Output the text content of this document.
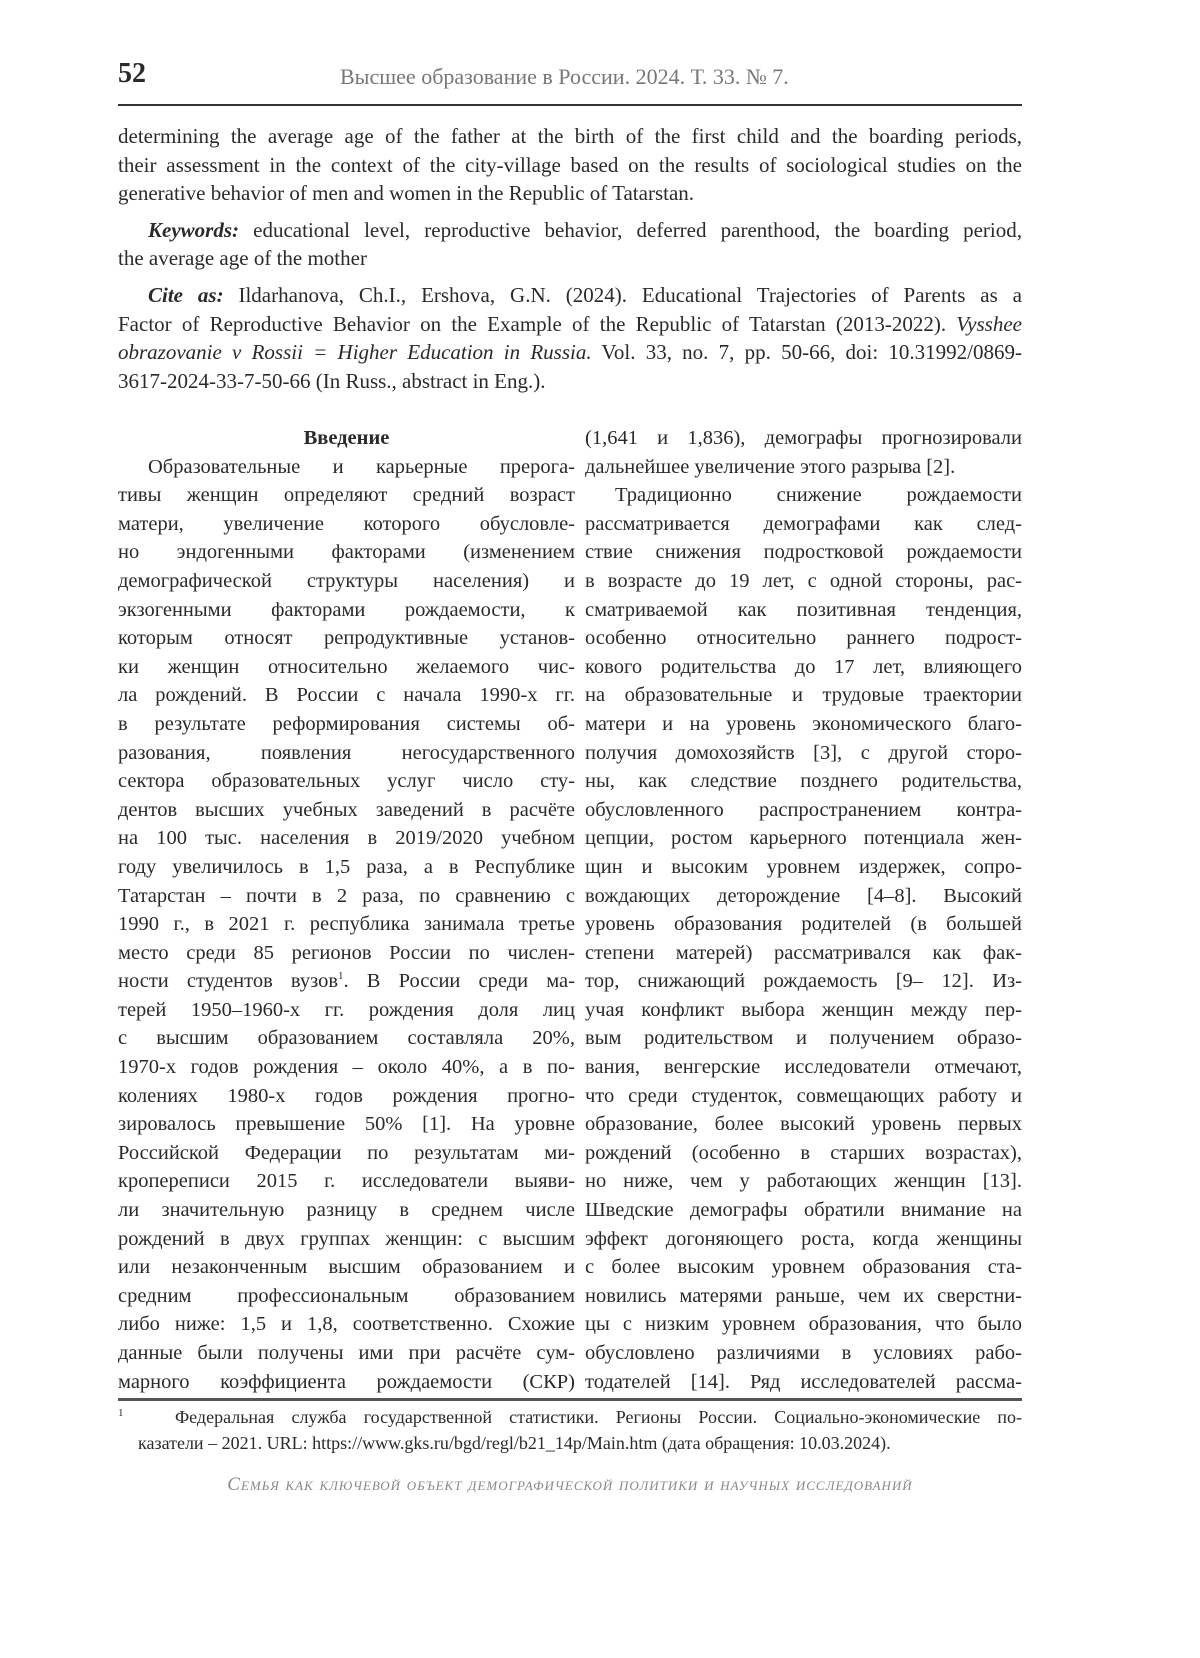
52	Высшее образование в России. 2024. Т. 33. № 7.
determining the average age of the father at the birth of the first child and the boarding periods,
their assessment in the context of the city-village based on the results of sociological studies on the
generative behavior of men and women in the Republic of Tatarstan.
Keywords: educational level, reproductive behavior, deferred parenthood, the boarding period,
the average age of the mother
Cite as: Ildarhanova, Ch.I., Ershova, G.N. (2024). Educational Trajectories of Parents as a
Factor of Reproductive Behavior on the Example of the Republic of Tatarstan (2013-2022). Vysshee
obrazovanie v Rossii = Higher Education in Russia. Vol. 33, no. 7, pp. 50-66, doi: 10.31992/0869-
3617-2024-33-7-50-66 (In Russ., abstract in Eng.).
Введение
Образовательные и карьерные прерога-
тивы женщин определяют средний возраст
матери, увеличение которого обусловле-
но эндогенными факторами (изменением
демографической структуры населения) и
экзогенными факторами рождаемости, к
которым относят репродуктивные установ-
ки женщин относительно желаемого чис-
ла рождений. В России с начала 1990-х гг.
в результате реформирования системы об-
разования, появления негосударственного
сектора образовательных услуг число сту-
дентов высших учебных заведений в расчёте
на 100 тыс. населения в 2019/2020 учебном
году увеличилось в 1,5 раза, а в Республике
Татарстан – почти в 2 раза, по сравнению с
1990 г., в 2021 г. республика занимала третье
место среди 85 регионов России по числен-
ности студентов вузов$^1$. В России среди ма-
терей 1950–1960-х гг. рождения доля лиц
с высшим образованием составляла 20%,
1970-х годов рождения – около 40%, а в по-
колениях 1980-х годов рождения прогно-
зировалось превышение 50% [1]. На уровне
Российской Федерации по результатам ми-
кропереписи 2015 г. исследователи выяви-
ли значительную разницу в среднем числе
рождений в двух группах женщин: с высшим
или незаконченным высшим образованием и
средним профессиональным образованием
либо ниже: 1,5 и 1,8, соответственно. Схожие
данные были получены ими при расчёте сум-
марного коэффициента рождаемости (СКР)
(1,641 и 1,836), демографы прогнозировали
дальнейшее увеличение этого разрыва [2].
Традиционно снижение рождаемости
рассматривается демографами как след-
ствие снижения подростковой рождаемости
в возрасте до 19 лет, с одной стороны, рас-
сматриваемой как позитивная тенденция,
особенно относительно раннего подрост-
кового родительства до 17 лет, влияющего
на образовательные и трудовые траектории
матери и на уровень экономического благо-
получия домохозяйств [3], с другой сторо-
ны, как следствие позднего родительства,
обусловленного распространением контра-
цепции, ростом карьерного потенциала жен-
щин и высоким уровнем издержек, сопро-
вождающих деторождение [4–8]. Высокий
уровень образования родителей (в большей
степени матерей) рассматривался как фак-
тор, снижающий рождаемость [9– 12]. Из-
учая конфликт выбора женщин между пер-
вым родительством и получением образо-
вания, венгерские исследователи отмечают,
что среди студенток, совмещающих работу и
образование, более высокий уровень первых
рождений (особенно в старших возрастах),
но ниже, чем у работающих женщин [13].
Шведские демографы обратили внимание на
эффект догоняющего роста, когда женщины
с более высоким уровнем образования ста-
новились матерями раньше, чем их сверстни-
цы с низким уровнем образования, что было
обусловлено различиями в условиях рабо-
тодателей [14]. Ряд исследователей рассма-
$^1$	Федеральная служба государственной статистики. Регионы России. Социально-экономические по-
казатели – 2021. URL: https://www.gks.ru/bgd/regl/b21_14p/Main.htm (дата обращения: 10.03.2024).
Семья как ключевой объект демографической политики и научных исследований
